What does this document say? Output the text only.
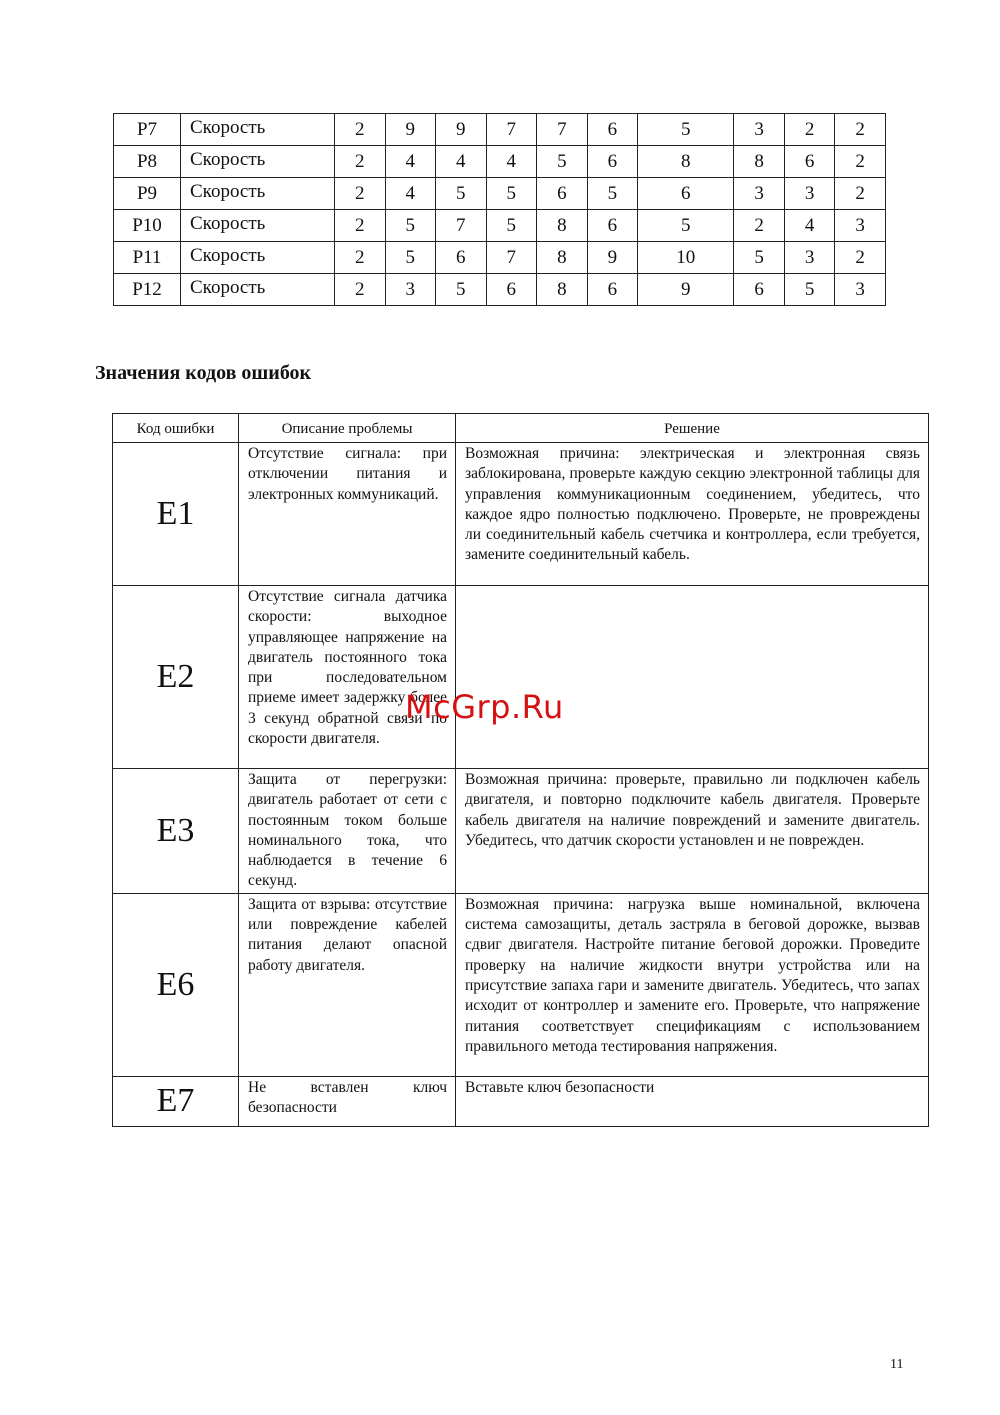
P7	Скорость	2	9	9	7	7	6	5	3	2	2
P8	Скорость	2	4	4	4	5	6	8	8	6	2
P9	Скорость	2	4	5	5	6	5	6	3	3	2
P10	Скорость	2	5	7	5	8	6	5	2	4	3
P11	Скорость	2	5	6	7	8	9	10	5	3	2
P12	Скорость	2	3	5	6	8	6	9	6	5	3
Значения кодов ошибок
Код ошибки	Описание проблемы	Решение
E1	Отсутствие сигнала: при отключении питания и электронных коммуникаций.	Возможная причина: электрическая и электронная связь заблокирована, проверьте каждую секцию электронной таблицы для управления коммуникационным соединением, убедитесь, что каждое ядро полностью подключено. Проверьте, не провреждены ли соединительный кабель счетчика и контроллера, если требуется, замените соединительный кабель.
E2	Отсутствие сигнала датчика скорости: выходное управляющее напряжение на двигатель постоянного тока при последовательном приеме имеет задержку более 3 секунд обратной связи по скорости двигателя.	
E3	Защита от перегрузки: двигатель работает от сети с постоянным током больше номинального тока, что наблюдается в течение 6 секунд.	Возможная причина: проверьте, правильно ли подключен кабель двигателя, и повторно подключите кабель двигателя. Проверьте кабель двигателя на наличие повреждений и замените двигатель. Убедитесь, что датчик скорости установлен и не поврежден.
E6	Защита от взрыва: отсутствие или повреждение кабелей питания делают опасной работу двигателя.	Возможная причина: нагрузка выше номинальной, включена система самозащиты, деталь застряла в беговой дорожке, вызвав сдвиг двигателя. Настройте питание беговой дорожки. Проведите проверку на наличие жидкости внутри устройства или на присутствие запаха гари и замените двигатель. Убедитесь, что запах исходит от контроллер и замените его. Проверьте, что напряжение питания соответствует спецификациям с использованием правильного метода тестирования напряжения.
E7	Не вставлен ключ безопасности	Вставьте ключ безопасности
McGrp.Ru
11
